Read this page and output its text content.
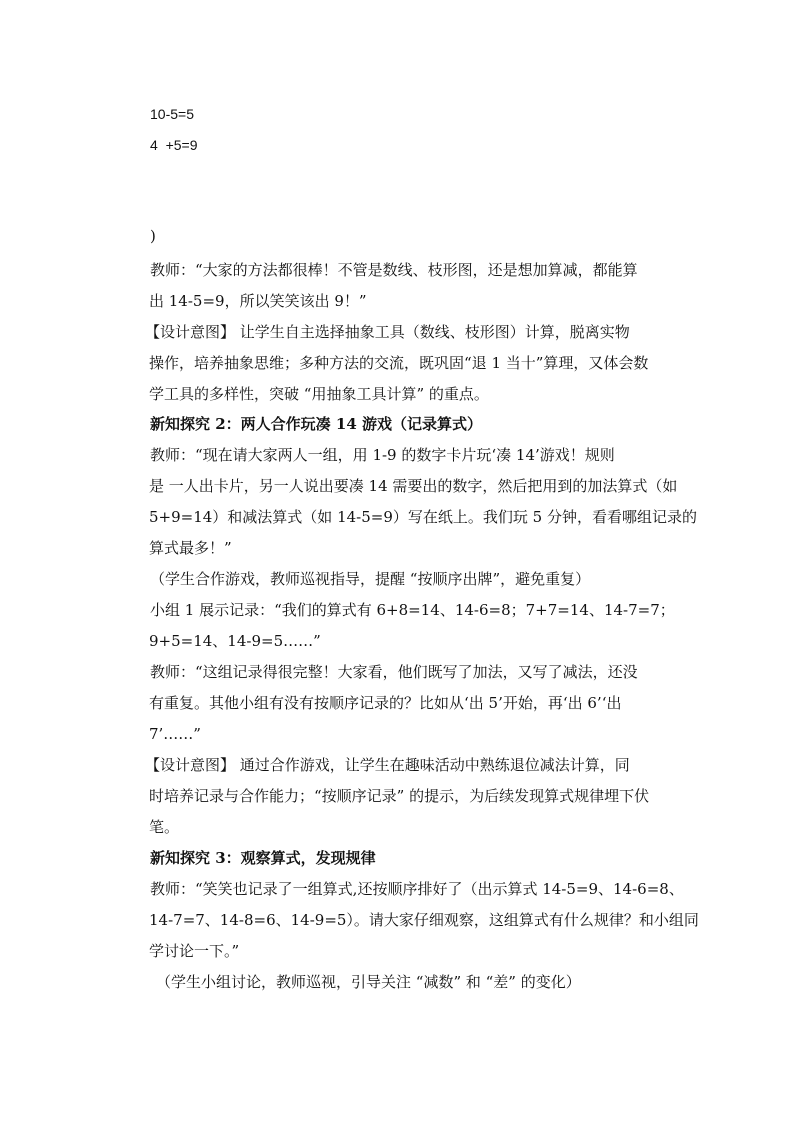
10-5=5
4  +5=9
)
教师：“大家的方法都很棒！不管是数线、枝形图，还是想加算减，都能算
出 14-5=9，所以笑笑该出 9！”
【设计意图】 让学生自主选择抽象工具（数线、枝形图）计算，脱离实物
操作，培养抽象思维；多种方法的交流，既巩固“退 1 当十”算理，又体会数
学工具的多样性，突破 “用抽象工具计算” 的重点。
新知探究 2：两人合作玩凑 14 游戏（记录算式）
教师：“现在请大家两人一组，用 1-9 的数字卡片玩‘凑 14’游戏！规则
是 一人出卡片，另一人说出要凑 14 需要出的数字，然后把用到的加法算式（如
5+9=14）和减法算式（如 14-5=9）写在纸上。我们玩 5 分钟，看看哪组记录的
算式最多！”
（学生合作游戏，教师巡视指导，提醒 “按顺序出牌”，避免重复）
小组 1 展示记录：“我们的算式有 6+8=14、14-6=8；7+7=14、14-7=7；
9+5=14、14-9=5……”
教师：“这组记录得很完整！大家看，他们既写了加法，又写了减法，还没
有重复。其他小组有没有按顺序记录的？比如从‘出 5’开始，再‘出 6’‘出
7’……”
【设计意图】 通过合作游戏，让学生在趣味活动中熟练退位减法计算，同
时培养记录与合作能力；“按顺序记录” 的提示，为后续发现算式规律埋下伏
笔。
新知探究 3：观察算式，发现规律
教师：“笑笑也记录了一组算式,还按顺序排好了（出示算式 14-5=9、14-6=8、
14-7=7、14-8=6、14-9=5）。请大家仔细观察，这组算式有什么规律？和小组同
学讨论一下。”
（学生小组讨论，教师巡视，引导关注 “减数” 和 “差” 的变化）
